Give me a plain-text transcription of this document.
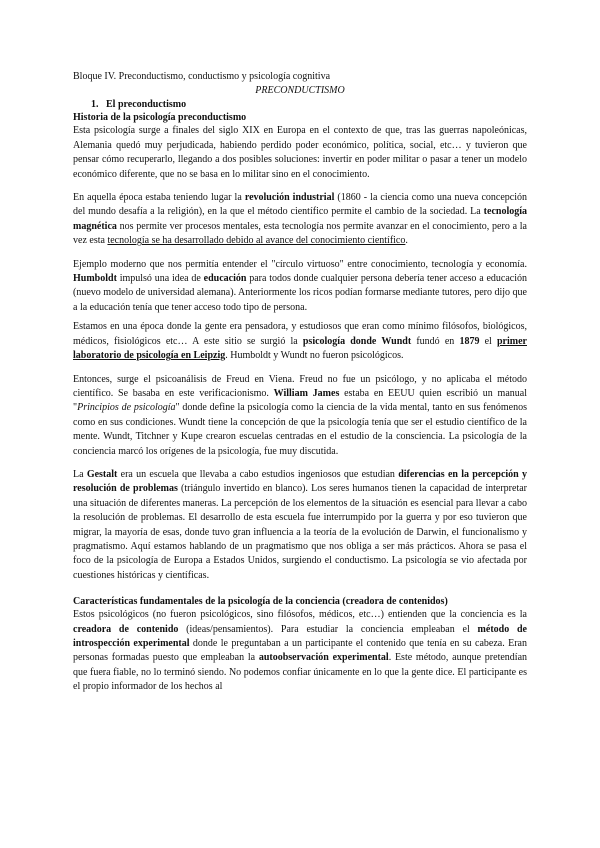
Bloque IV. Preconductismo, conductismo y psicología cognitiva
PRECONDUCTISMO
1. El preconductismo
Historia de la psicología preconductismo

Esta psicología surge a finales del siglo XIX en Europa en el contexto de que, tras las guerras napoleónicas, Alemania quedó muy perjudicada, habiendo perdido poder económico, política, social, etc… y tuvieron que pensar cómo recuperarlo, llegando a dos posibles soluciones: invertir en poder militar o pasar a tener un modelo económico diferente, que no se basa en lo militar sino en el conocimiento.

En aquella época estaba teniendo lugar la revolución industrial (1860 - la ciencia como una nueva concepción del mundo desafía a la religión), en la que el método científico permite el cambio de la sociedad. La tecnología magnética nos permite ver procesos mentales, esta tecnología nos permite avanzar en el conocimiento, pero a la vez esta tecnología se ha desarrollado debido al avance del conocimiento científico.

Ejemplo moderno que nos permitía entender el "círculo virtuoso" entre conocimiento, tecnología y economía. Humboldt impulsó una idea de educación para todos donde cualquier persona debería tener acceso a educación (nuevo modelo de universidad alemana). Anteriormente los ricos podían formarse mediante tutores, pero dijo que a la educación tenía que tener acceso todo tipo de persona.

Estamos en una época donde la gente era pensadora, y estudiosos que eran como mínimo filósofos, biológicos, médicos, fisiológicos etc… A este sitio se surgió la psicología donde Wundt fundó en 1879 el primer laboratorio de psicología en Leipzig. Humboldt y Wundt no fueron psicológicos.

Entonces, surge el psicoanálisis de Freud en Viena. Freud no fue un psicólogo, y no aplicaba el método científico. Se basaba en este verificacionismo. William James estaba en EEUU quien escribió un manual "Principios de psicología" donde define la psicología como la ciencia de la vida mental, tanto en sus fenómenos como en sus condiciones. Wundt tiene la concepción de que la psicología tenía que ser el estudio científico de la mente. Wundt, Titchner y Kupe crearon escuelas centradas en el estudio de la consciencia. La psicología de la conciencia marcó los orígenes de la psicología, fue muy discutida.

La Gestalt era un escuela que llevaba a cabo estudios ingeniosos que estudian diferencias en la percepción y resolución de problemas (triángulo invertido en blanco). Los seres humanos tienen la capacidad de interpretar una situación de diferentes maneras. La percepción de los elementos de la situación es esencial para llevar a cabo la resolución de problemas. El desarrollo de esta escuela fue interrumpido por la guerra y por eso tuvieron que migrar, la mayoría de esas, donde tuvo gran influencia a la teoría de la evolución de Darwin, el funcionalismo y pragmatismo. Aquí estamos hablando de un pragmatismo que nos obliga a ser más prácticos. Ahora se pasa el foco de la psicología de Europa a Estados Unidos, surgiendo el conductismo. La psicología se vio afectada por cuestiones históricas y científicas.

Características fundamentales de la psicología de la conciencia (creadora de contenidos)

Estos psicológicos (no fueron psicológicos, sino filósofos, médicos, etc…) entienden que la conciencia es la creadora de contenido (ideas/pensamientos). Para estudiar la conciencia empleaban el método de introspección experimental donde le preguntaban a un participante el contenido que tenía en su cabeza. Eran personas formadas puesto que empleaban la autoobservación experimental. Este método, aunque pretendían que fuera fiable, no lo terminó siendo. No podemos confiar únicamente en lo que la gente dice. El participante es el propio informador de los hechos al
